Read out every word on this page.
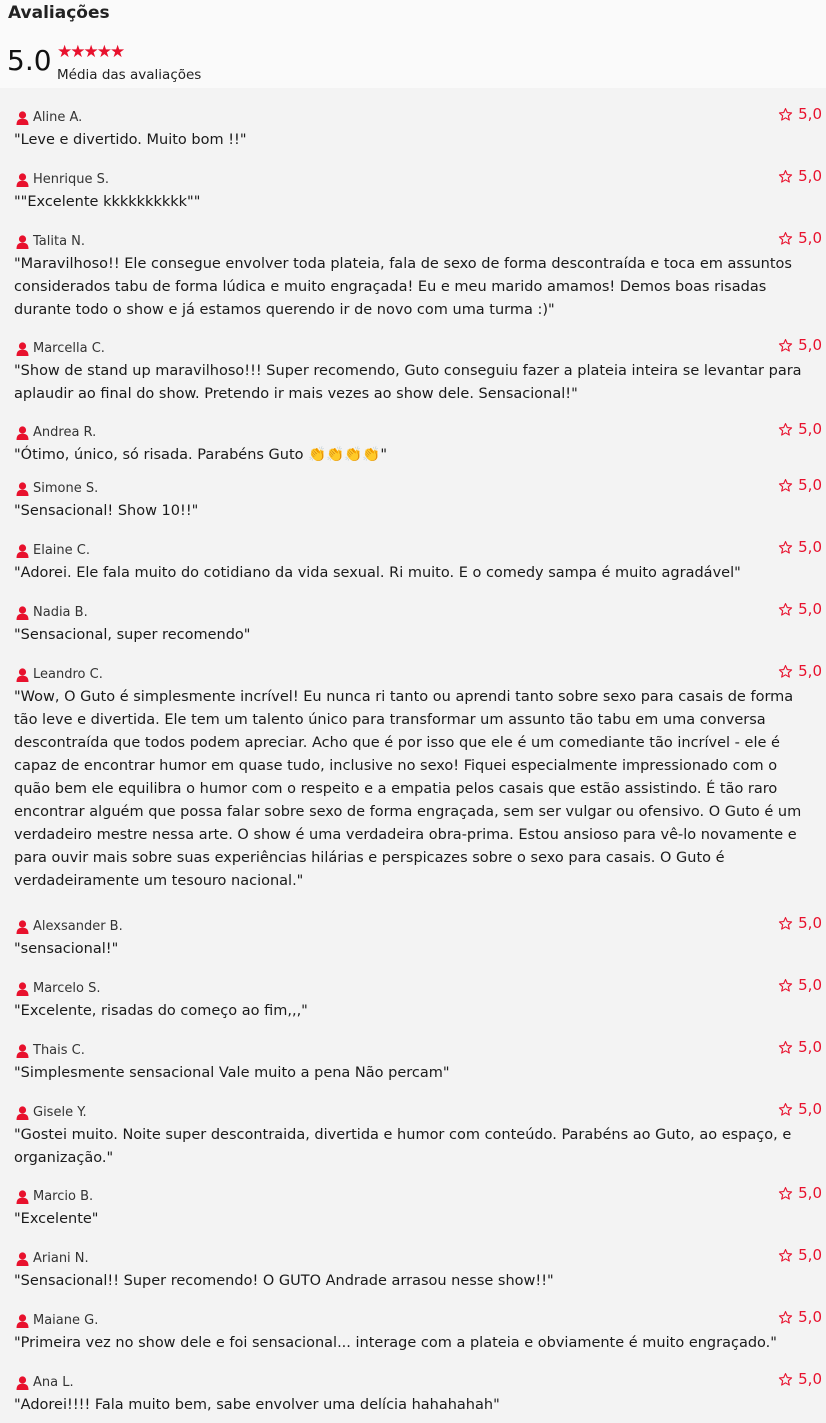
Avaliações
5.0 ★★★★★
Média das avaliações
Aline A.	5,0
"Leve e divertido. Muito bom !!"
Henrique S.	5,0
""Excelente kkkkkkkkkk""
Talita N.	5,0
"Maravilhoso!! Ele consegue envolver toda plateia, fala de sexo de forma descontraída e toca em assuntos considerados tabu de forma lúdica e muito engraçada! Eu e meu marido amamos! Demos boas risadas durante todo o show e já estamos querendo ir de novo com uma turma :)"
Marcella C.	5,0
"Show de stand up maravilhoso!!! Super recomendo, Guto conseguiu fazer a plateia inteira se levantar para aplaudir ao final do show. Pretendo ir mais vezes ao show dele. Sensacional!"
Andrea R.	5,0
"Ótimo, único, só risada. Parabéns Guto 👏👏👏👏"
Simone S.	5,0
"Sensacional! Show 10!!"
Elaine C.	5,0
"Adorei. Ele fala muito do cotidiano da vida sexual. Ri muito. E o comedy sampa é muito agradável"
Nadia B.	5,0
"Sensacional, super recomendo"
Leandro C.	5,0
"Wow, O Guto é simplesmente incrível! Eu nunca ri tanto ou aprendi tanto sobre sexo para casais de forma tão leve e divertida. Ele tem um talento único para transformar um assunto tão tabu em uma conversa descontraída que todos podem apreciar. Acho que é por isso que ele é um comediante tão incrível - ele é capaz de encontrar humor em quase tudo, inclusive no sexo! Fiquei especialmente impressionado com o quão bem ele equilibra o humor com o respeito e a empatia pelos casais que estão assistindo. É tão raro encontrar alguém que possa falar sobre sexo de forma engraçada, sem ser vulgar ou ofensivo. O Guto é um verdadeiro mestre nessa arte. O show é uma verdadeira obra-prima. Estou ansioso para vê-lo novamente e para ouvir mais sobre suas experiências hilárias e perspicazes sobre o sexo para casais. O Guto é verdadeiramente um tesouro nacional."
Alexsander B.	5,0
"sensacional!"
Marcelo S.	5,0
"Excelente, risadas do começo ao fim,,,"
Thais C.	5,0
"Simplesmente sensacional Vale muito a pena Não percam"
Gisele Y.	5,0
"Gostei muito. Noite super descontraida, divertida e humor com conteúdo. Parabéns ao Guto, ao espaço, e organização."
Marcio B.	5,0
"Excelente"
Ariani N.	5,0
"Sensacional!! Super recomendo! O GUTO Andrade arrasou nesse show!!"
Maiane G.	5,0
"Primeira vez no show dele e foi sensacional... interage com a plateia e obviamente é muito engraçado."
Ana L.	5,0
"Adorei!!!! Fala muito bem, sabe envolver uma delícia hahahahah"
